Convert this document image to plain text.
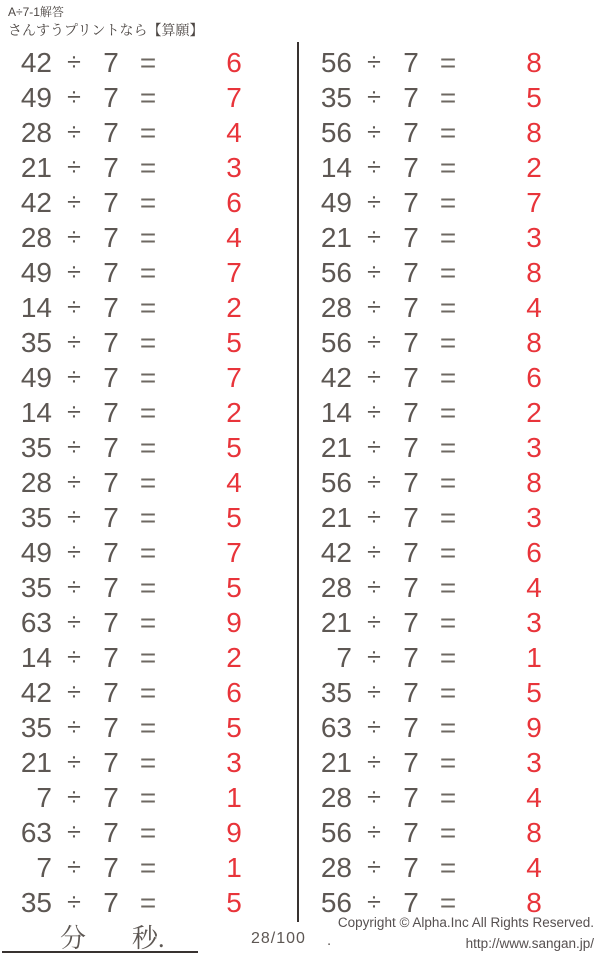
A÷7-1解答
さんすうプリントなら【算願】
42 ÷ 7 =	6
49 ÷ 7 =	7
28 ÷ 7 =	4
21 ÷ 7 =	3
42 ÷ 7 =	6
28 ÷ 7 =	4
49 ÷ 7 =	7
14 ÷ 7 =	2
35 ÷ 7 =	5
49 ÷ 7 =	7
14 ÷ 7 =	2
35 ÷ 7 =	5
28 ÷ 7 =	4
35 ÷ 7 =	5
49 ÷ 7 =	7
35 ÷ 7 =	5
63 ÷ 7 =	9
14 ÷ 7 =	2
42 ÷ 7 =	6
35 ÷ 7 =	5
21 ÷ 7 =	3
7 ÷ 7 =	1
63 ÷ 7 =	9
7 ÷ 7 =	1
35 ÷ 7 =	5
56 ÷ 7 =	8
35 ÷ 7 =	5
56 ÷ 7 =	8
14 ÷ 7 =	2
49 ÷ 7 =	7
21 ÷ 7 =	3
56 ÷ 7 =	8
28 ÷ 7 =	4
56 ÷ 7 =	8
42 ÷ 7 =	6
14 ÷ 7 =	2
21 ÷ 7 =	3
56 ÷ 7 =	8
21 ÷ 7 =	3
42 ÷ 7 =	6
28 ÷ 7 =	4
21 ÷ 7 =	3
7 ÷ 7 =	1
35 ÷ 7 =	5
63 ÷ 7 =	9
21 ÷ 7 =	3
28 ÷ 7 =	4
56 ÷ 7 =	8
28 ÷ 7 =	4
56 ÷ 7 =	8
分 秒.	28/100 .
Copyright © Alpha.Inc All Rights Reserved.
http://www.sangan.jp/
